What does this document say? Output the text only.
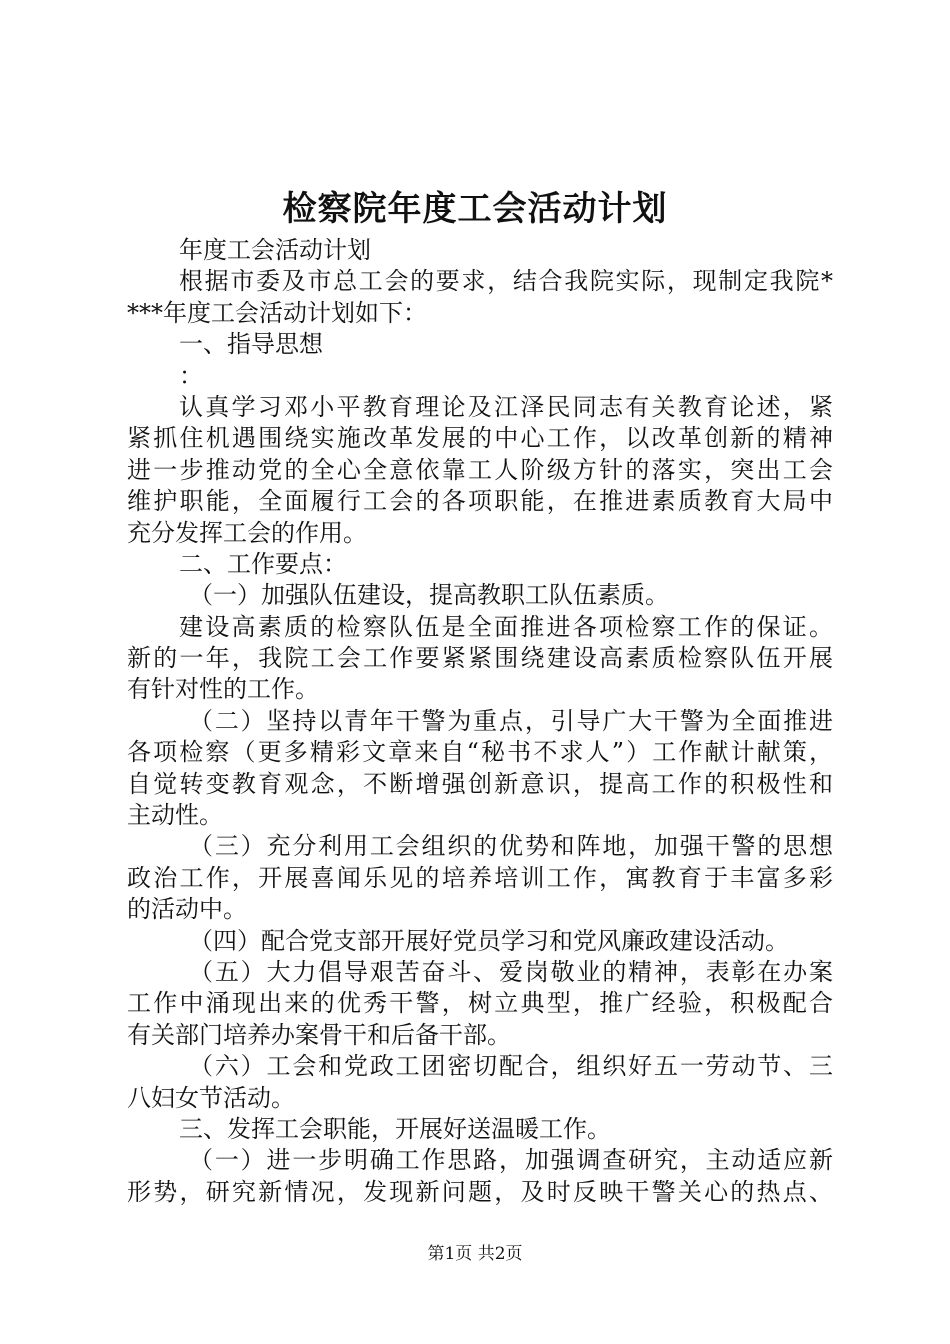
检察院年度工会活动计划
年度工会活动计划
根据市委及市总工会的要求，结合我院实际，现制定我院*
***年度工会活动计划如下：
一、指导思想
：
认真学习邓小平教育理论及江泽民同志有关教育论述，紧
紧抓住机遇围绕实施改革发展的中心工作，以改革创新的精神
进一步推动党的全心全意依靠工人阶级方针的落实，突出工会
维护职能，全面履行工会的各项职能，在推进素质教育大局中
充分发挥工会的作用。
二、工作要点：
（一）加强队伍建设，提高教职工队伍素质。
建设高素质的检察队伍是全面推进各项检察工作的保证。
新的一年，我院工会工作要紧紧围绕建设高素质检察队伍开展
有针对性的工作。
（二）坚持以青年干警为重点，引导广大干警为全面推进
各项检察（更多精彩文章来自“秘书不求人”）工作献计献策，
自觉转变教育观念，不断增强创新意识，提高工作的积极性和
主动性。
（三）充分利用工会组织的优势和阵地，加强干警的思想
政治工作，开展喜闻乐见的培养培训工作，寓教育于丰富多彩
的活动中。
（四）配合党支部开展好党员学习和党风廉政建设活动。
（五）大力倡导艰苦奋斗、爱岗敬业的精神，表彰在办案
工作中涌现出来的优秀干警，树立典型，推广经验，积极配合
有关部门培养办案骨干和后备干部。
（六）工会和党政工团密切配合，组织好五一劳动节、三
八妇女节活动。
三、发挥工会职能，开展好送温暖工作。
（一）进一步明确工作思路，加强调查研究，主动适应新
形势，研究新情况，发现新问题，及时反映干警关心的热点、
第1页 共2页
